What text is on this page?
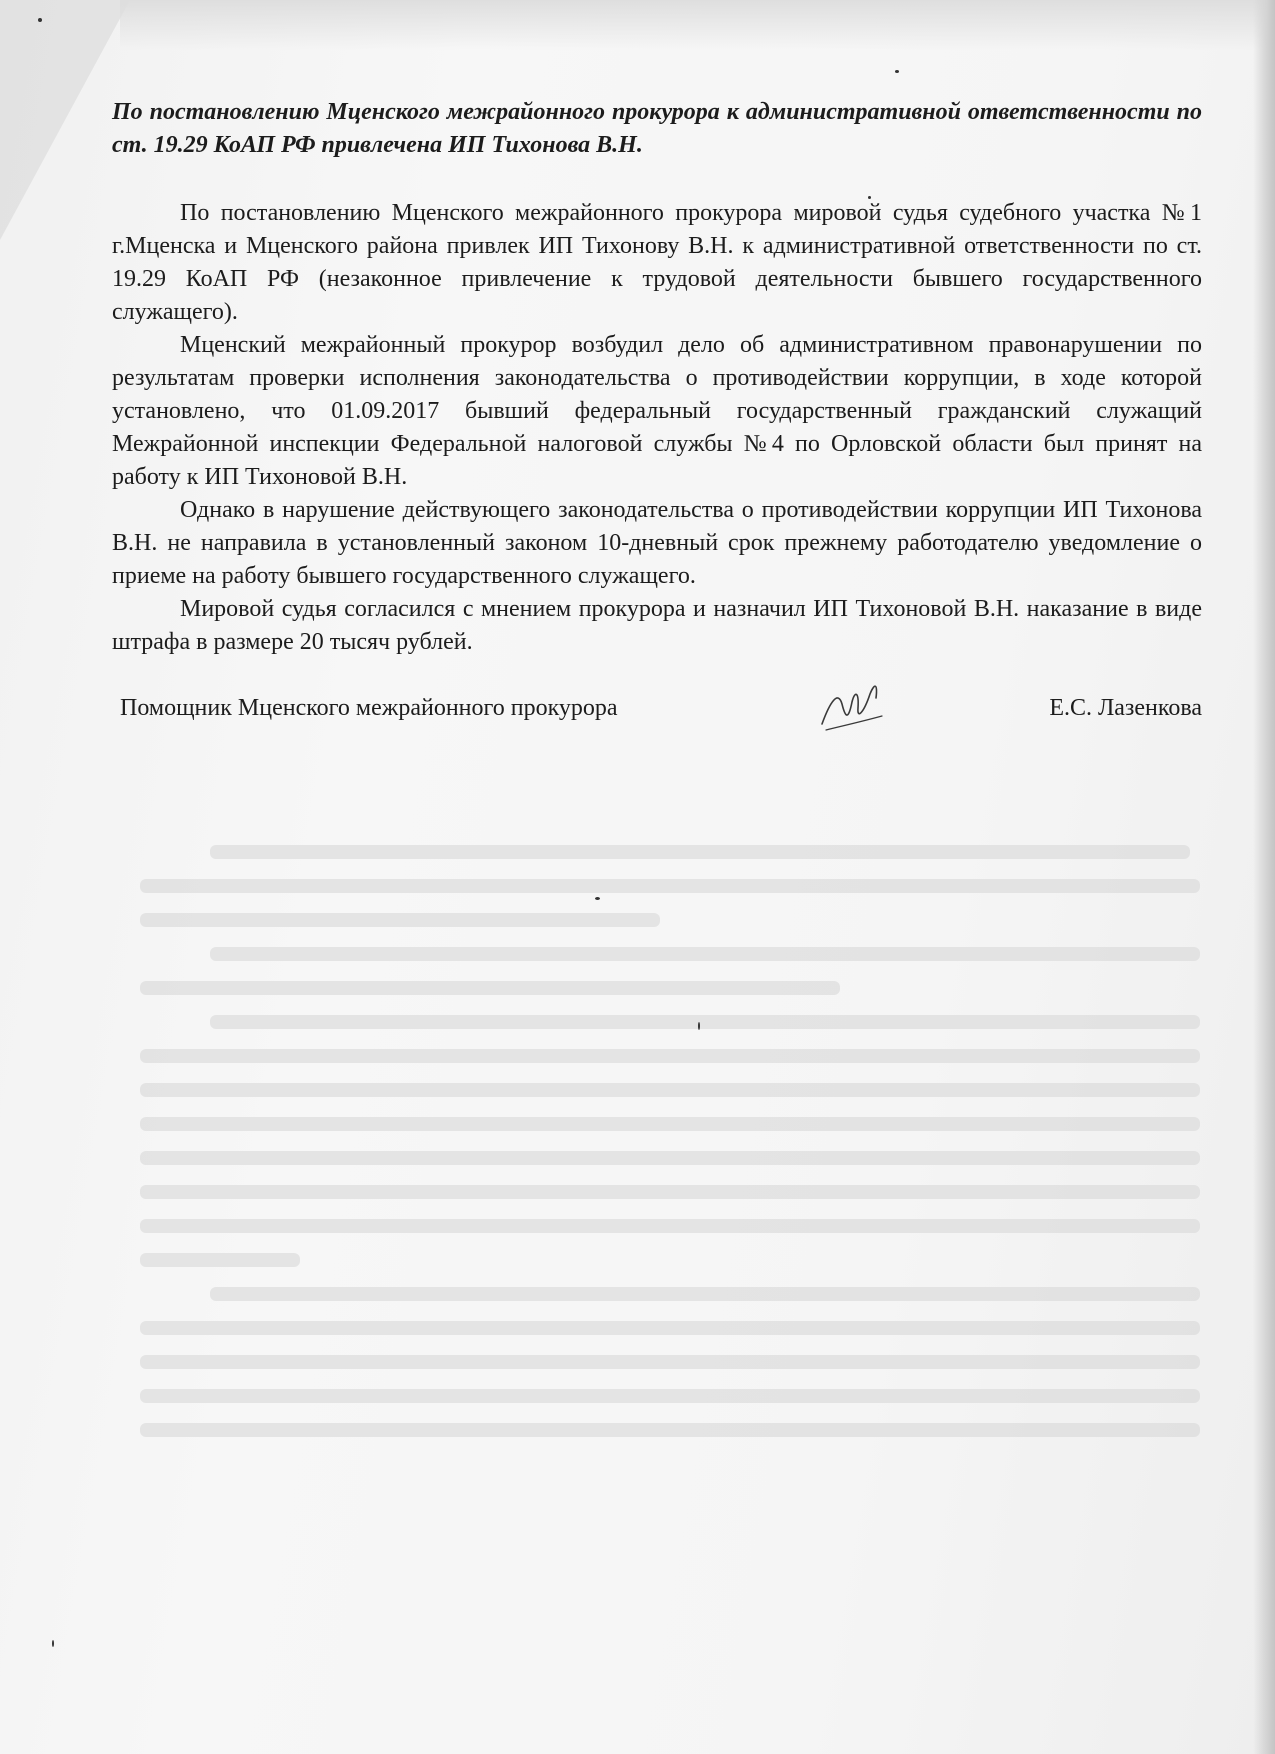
По постановлению Мценского межрайонного прокурора к административной ответственности по ст. 19.29 КоАП РФ привлечена ИП Тихонова В.Н.

По постановлению Мценского межрайонного прокурора мировой судья судебного участка №1 г.Мценска и Мценского района привлек ИП Тихонову В.Н. к административной ответственности по ст. 19.29 КоАП РФ (незаконное привлечение к трудовой деятельности бывшего государственного служащего).

Мценский межрайонный прокурор возбудил дело об административном правонарушении по результатам проверки исполнения законодательства о противодействии коррупции, в ходе которой установлено, что 01.09.2017 бывший федеральный государственный гражданский служащий Межрайонной инспекции Федеральной налоговой службы №4 по Орловской области был принят на работу к ИП Тихоновой В.Н.

Однако в нарушение действующего законодательства о противодействии коррупции ИП Тихонова В.Н. не направила в установленный законом 10-дневный срок прежнему работодателю уведомление о приеме на работу бывшего государственного служащего.

Мировой судья согласился с мнением прокурора и назначил ИП Тихоновой В.Н. наказание в виде штрафа в размере 20 тысяч рублей.

Помощник Мценского межрайонного прокурора	Е.С. Лазенкова
